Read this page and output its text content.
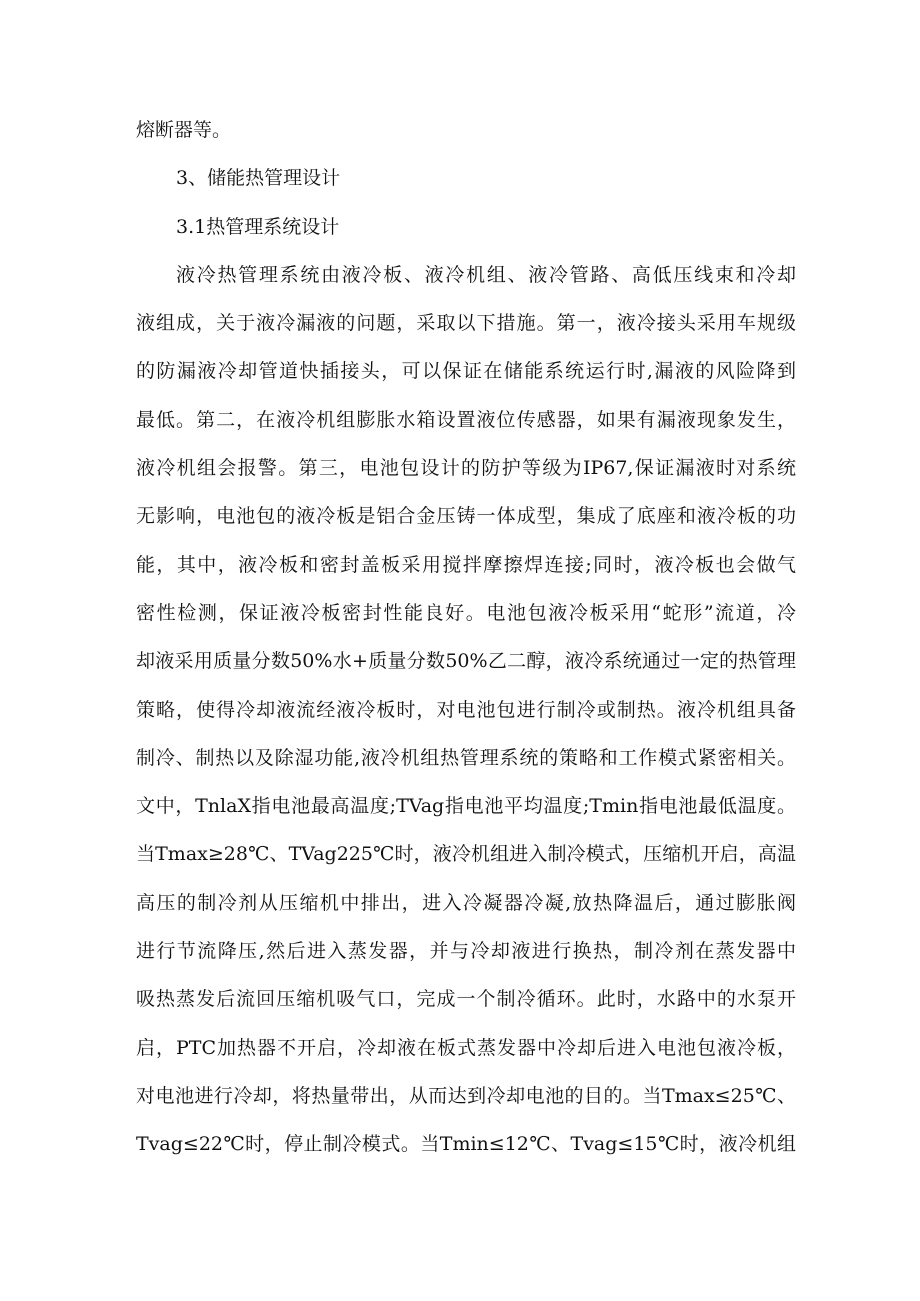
熔断器等。
3、储能热管理设计
3.1热管理系统设计
液冷热管理系统由液冷板、液冷机组、液冷管路、高低压线束和冷却
液组成，关于液冷漏液的问题，采取以下措施。第一，液冷接头采用车规级
的防漏液冷却管道快插接头，可以保证在储能系统运行时,漏液的风险降到
最低。第二，在液冷机组膨胀水箱设置液位传感器，如果有漏液现象发生，
液冷机组会报警。第三，电池包设计的防护等级为IP67,保证漏液时对系统
无影响，电池包的液冷板是铝合金压铸一体成型，集成了底座和液冷板的功
能，其中，液冷板和密封盖板采用搅拌摩擦焊连接;同时，液冷板也会做气
密性检测，保证液冷板密封性能良好。电池包液冷板采用“蛇形”流道，冷
却液采用质量分数50%水+质量分数50%乙二醇，液冷系统通过一定的热管理
策略，使得冷却液流经液冷板时，对电池包进行制冷或制热。液冷机组具备
制冷、制热以及除湿功能,液冷机组热管理系统的策略和工作模式紧密相关。
文中，TnlaX指电池最高温度;TVag指电池平均温度;Tmin指电池最低温度。
当Tmax≥28℃、TVag225℃时，液冷机组进入制冷模式，压缩机开启，高温
高压的制冷剂从压缩机中排出，进入冷凝器冷凝,放热降温后，通过膨胀阀
进行节流降压,然后进入蒸发器，并与冷却液进行换热，制冷剂在蒸发器中
吸热蒸发后流回压缩机吸气口，完成一个制冷循环。此时，水路中的水泵开
启，PTC加热器不开启，冷却液在板式蒸发器中冷却后进入电池包液冷板，
对电池进行冷却，将热量带出，从而达到冷却电池的目的。当Tmax≤25℃、
Tvag≤22℃时，停止制冷模式。当Tmin≤12℃、Tvag≤15℃时，液冷机组
